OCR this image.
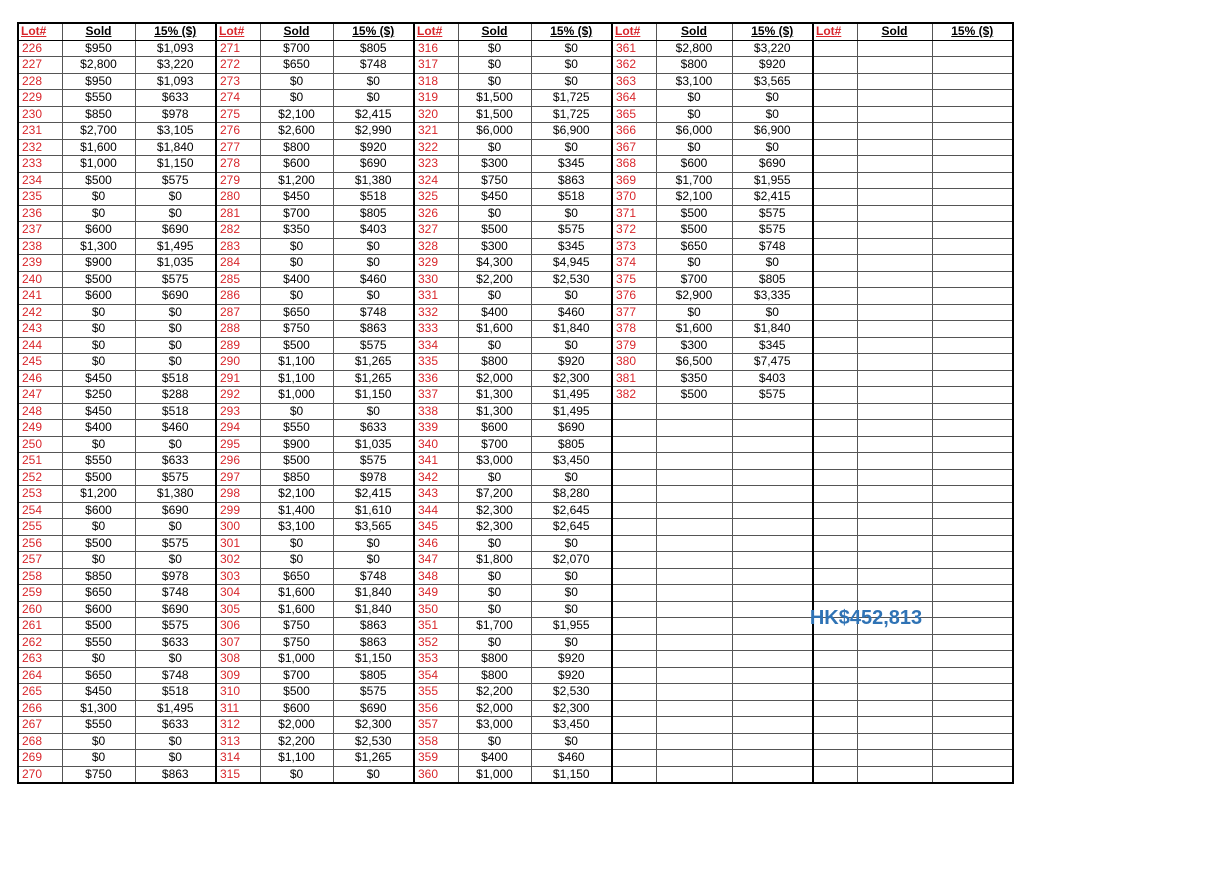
Lot#	Sold	15% ($)	Lot#	Sold	15% ($)	Lot#	Sold	15% ($)	Lot#	Sold	15% ($)	Lot#	Sold	15% ($)
226	$950	$1,093	271	$700	$805	316	$0	$0	361	$2,800	$3,220			
227	$2,800	$3,220	272	$650	$748	317	$0	$0	362	$800	$920			
228	$950	$1,093	273	$0	$0	318	$0	$0	363	$3,100	$3,565			
229	$550	$633	274	$0	$0	319	$1,500	$1,725	364	$0	$0			
230	$850	$978	275	$2,100	$2,415	320	$1,500	$1,725	365	$0	$0			
231	$2,700	$3,105	276	$2,600	$2,990	321	$6,000	$6,900	366	$6,000	$6,900			
232	$1,600	$1,840	277	$800	$920	322	$0	$0	367	$0	$0			
233	$1,000	$1,150	278	$600	$690	323	$300	$345	368	$600	$690			
234	$500	$575	279	$1,200	$1,380	324	$750	$863	369	$1,700	$1,955			
235	$0	$0	280	$450	$518	325	$450	$518	370	$2,100	$2,415			
236	$0	$0	281	$700	$805	326	$0	$0	371	$500	$575			
237	$600	$690	282	$350	$403	327	$500	$575	372	$500	$575			
238	$1,300	$1,495	283	$0	$0	328	$300	$345	373	$650	$748			
239	$900	$1,035	284	$0	$0	329	$4,300	$4,945	374	$0	$0			
240	$500	$575	285	$400	$460	330	$2,200	$2,530	375	$700	$805			
241	$600	$690	286	$0	$0	331	$0	$0	376	$2,900	$3,335			
242	$0	$0	287	$650	$748	332	$400	$460	377	$0	$0			
243	$0	$0	288	$750	$863	333	$1,600	$1,840	378	$1,600	$1,840			
244	$0	$0	289	$500	$575	334	$0	$0	379	$300	$345			
245	$0	$0	290	$1,100	$1,265	335	$800	$920	380	$6,500	$7,475			
246	$450	$518	291	$1,100	$1,265	336	$2,000	$2,300	381	$350	$403			
247	$250	$288	292	$1,000	$1,150	337	$1,300	$1,495	382	$500	$575			
248	$450	$518	293	$0	$0	338	$1,300	$1,495						
249	$400	$460	294	$550	$633	339	$600	$690						
250	$0	$0	295	$900	$1,035	340	$700	$805						
251	$550	$633	296	$500	$575	341	$3,000	$3,450						
252	$500	$575	297	$850	$978	342	$0	$0						
253	$1,200	$1,380	298	$2,100	$2,415	343	$7,200	$8,280						
254	$600	$690	299	$1,400	$1,610	344	$2,300	$2,645						
255	$0	$0	300	$3,100	$3,565	345	$2,300	$2,645						
256	$500	$575	301	$0	$0	346	$0	$0						
257	$0	$0	302	$0	$0	347	$1,800	$2,070						
258	$850	$978	303	$650	$748	348	$0	$0						
259	$650	$748	304	$1,600	$1,840	349	$0	$0						
260	$600	$690	305	$1,600	$1,840	350	$0	$0						
261	$500	$575	306	$750	$863	351	$1,700	$1,955						
262	$550	$633	307	$750	$863	352	$0	$0						
263	$0	$0	308	$1,000	$1,150	353	$800	$920						
264	$650	$748	309	$700	$805	354	$800	$920						
265	$450	$518	310	$500	$575	355	$2,200	$2,530						
266	$1,300	$1,495	311	$600	$690	356	$2,000	$2,300						
267	$550	$633	312	$2,000	$2,300	357	$3,000	$3,450						
268	$0	$0	313	$2,200	$2,530	358	$0	$0						
269	$0	$0	314	$1,100	$1,265	359	$400	$460						
270	$750	$863	315	$0	$0	360	$1,000	$1,150						
HK$452,813
